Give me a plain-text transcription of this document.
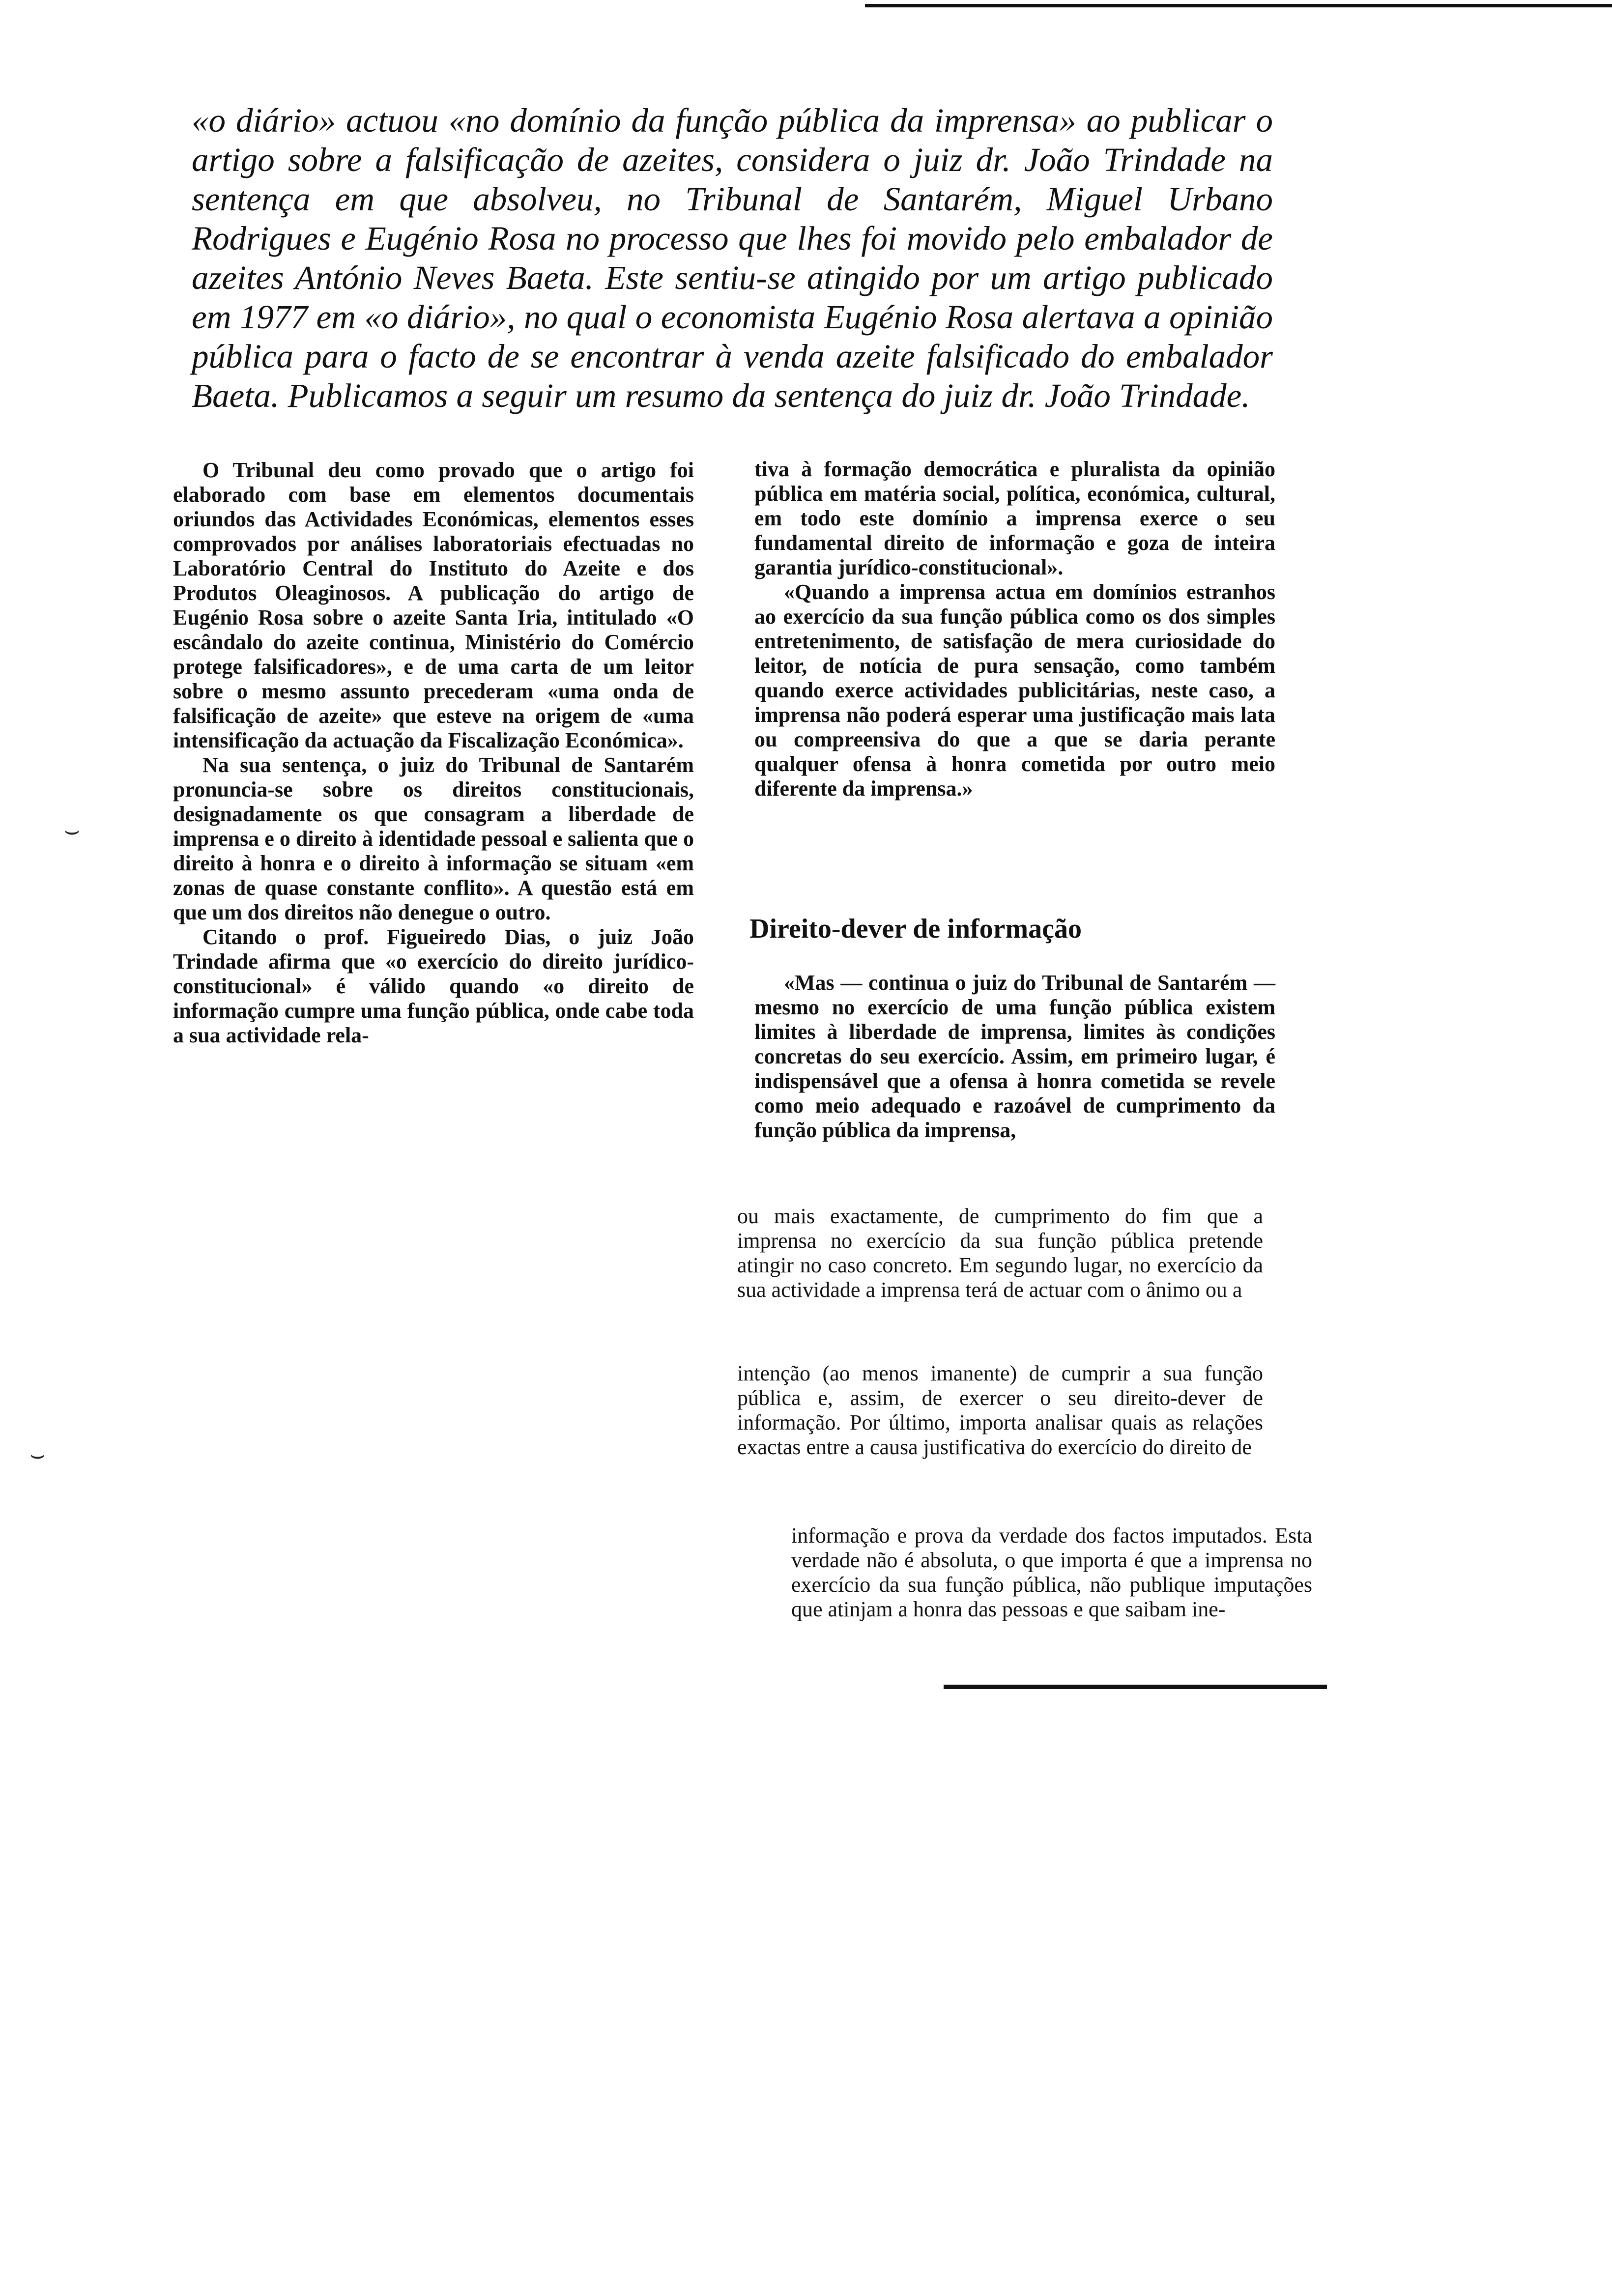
«o diário» actuou «no domínio da função pública da imprensa» ao publicar o artigo sobre a falsificação de azeites, considera o juiz dr. João Trindade na sentença em que absolveu, no Tribunal de Santarém, Miguel Urbano Rodrigues e Eugénio Rosa no processo que lhes foi movido pelo embalador de azeites António Neves Baeta. Este sentiu-se atingido por um artigo publicado em 1977 em «o diário», no qual o economista Eugénio Rosa alertava a opinião pública para o facto de se encontrar à venda azeite falsificado do embalador Baeta. Publicamos a seguir um resumo da sentença do juiz dr. João Trindade.

O Tribunal deu como provado que o artigo foi elaborado com base em elementos documentais oriundos das Actividades Económicas, elementos esses comprovados por análises laboratoriais efectuadas no Laboratório Central do Instituto do Azeite e dos Produtos Oleaginosos. A publicação do artigo de Eugénio Rosa sobre o azeite Santa Iria, intitulado «O escândalo do azeite continua, Ministério do Comércio protege falsificadores», e de uma carta de um leitor sobre o mesmo assunto precederam «uma onda de falsificação de azeite» que esteve na origem de «uma intensificação da actuação da Fiscalização Económica».

Na sua sentença, o juiz do Tribunal de Santarém pronuncia-se sobre os direitos constitucionais, designadamente os que consagram a liberdade de imprensa e o direito à identidade pessoal e salienta que o direito à honra e o direito à informação se situam «em zonas de quase constante conflito». A questão está em que um dos direitos não denegue o outro.

Citando o prof. Figueiredo Dias, o juiz João Trindade afirma que «o exercício do direito jurídico-constitucional» é válido quando «o direito de informação cumpre uma função pública, onde cabe toda a sua actividade rela-

tiva à formação democrática e pluralista da opinião pública em matéria social, política, económica, cultural, em todo este domínio a imprensa exerce o seu fundamental direito de informação e goza de inteira garantia jurídico-constitucional».

«Quando a imprensa actua em domínios estranhos ao exercício da sua função pública como os dos simples entretenimento, de satisfação de mera curiosidade do leitor, de notícia de pura sensação, como também quando exerce actividades publicitárias, neste caso, a imprensa não poderá esperar uma justificação mais lata ou compreensiva do que a que se daria perante qualquer ofensa à honra cometida por outro meio diferente da imprensa.»

Direito-dever de informação

«Mas — continua o juiz do Tribunal de Santarém — mesmo no exercício de uma função pública existem limites à liberdade de imprensa, limites às condições concretas do seu exercício. Assim, em primeiro lugar, é indispensável que a ofensa à honra cometida se revele como meio adequado e razoável de cumprimento da função pública da imprensa,

ou mais exactamente, de cumprimento do fim que a imprensa no exercício da sua função pública pretende atingir no caso concreto. Em segundo lugar, no exercício da sua actividade a imprensa terá de actuar com o ânimo ou a

intenção (ao menos imanente) de cumprir a sua função pública e, assim, de exercer o seu direito-dever de informação. Por último, importa analisar quais as relações exactas entre a causa justificativa do exercício do direito de

informação e prova da verdade dos factos imputados. Esta verdade não é absoluta, o que importa é que a imprensa no exercício da sua função pública, não publique imputações que atinjam a honra das pessoas e que saibam ine-

⌣
⌣
